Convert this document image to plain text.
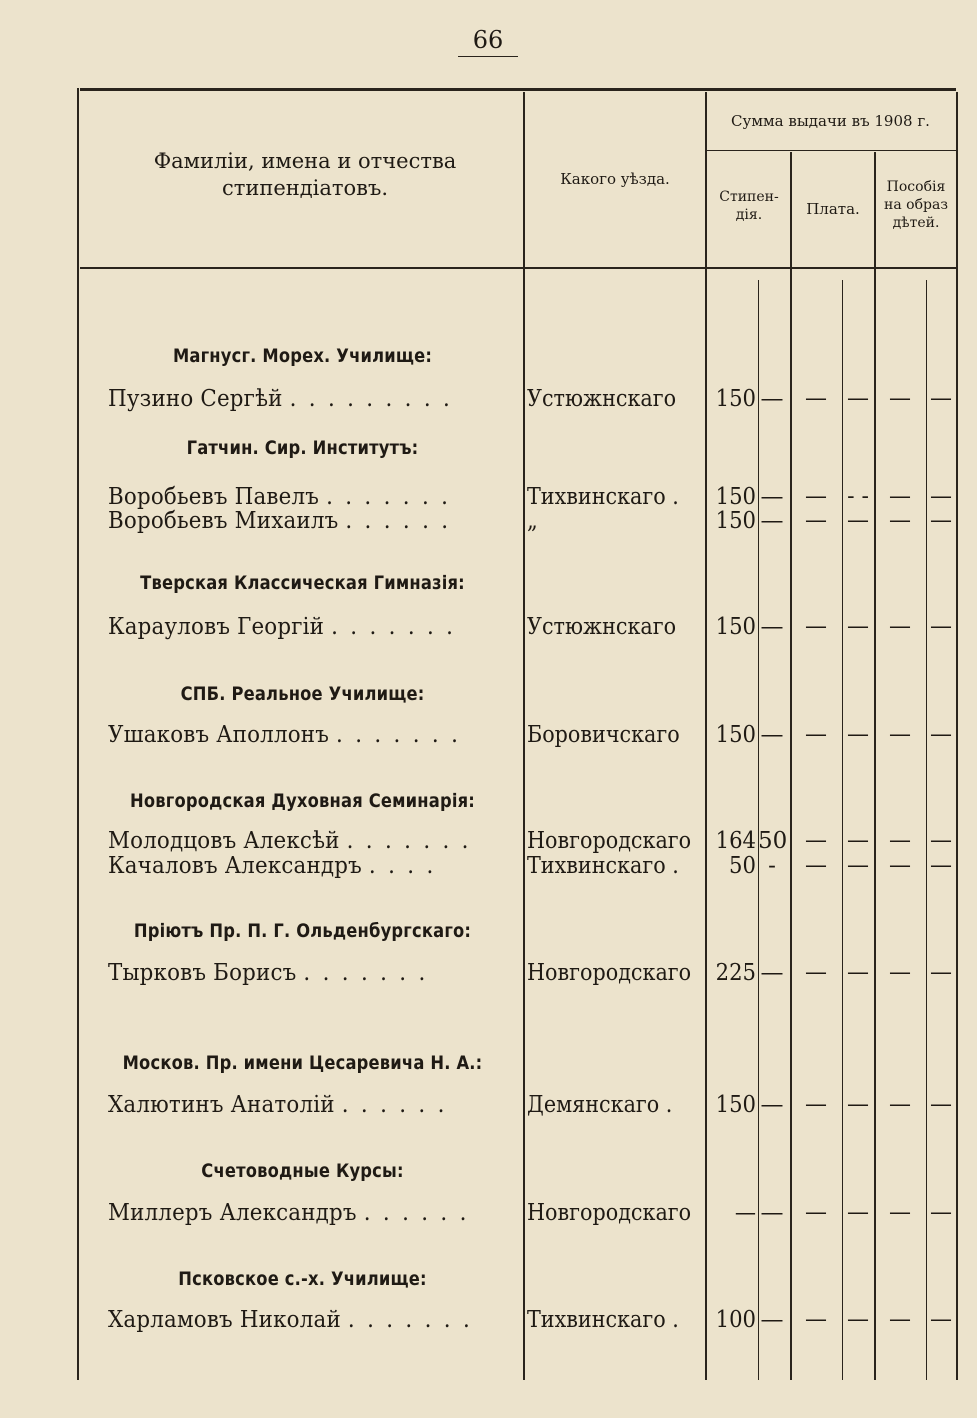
66
Фамиліи, имена и отчества стипендіатовъ.	Какого уѣзда.
Сумма выдачи въ 1908 г.
Стипен-дія.	Плата.
Пособія на образ дѣтей.
Магнусг. Морех. Училище:
Пузино Сергѣй . . . . . . . . .	Устюжнскаго	150 — — — — —
Гатчин. Сир. Институтъ:
Воробьевъ Павелъ . . . . . . .	Тихвинскаго . 150 — — - - — —
Воробьевъ Михаилъ . . . . . .	„	150 — — — — —
Тверская Классическая Гимназія:
Карауловъ Георгій . . . . . . .	Устюжнскаго	150 — — — — —
СПБ. Реальное Училище:
Ушаковъ Аполлонъ . . . . . . .	Боровичскаго 150 — — — — —
Новгородская Духовная Семинарія:
Молодцовъ Алексѣй . . . . . . .	Новгородскаго 164 50 — — — —
Качаловъ Александръ . . . .	Тихвинскаго .	50 -	— — — —
Пріютъ Пр. П. Г. Ольденбургскаго:
Тырковъ Борисъ . . . . . . .	Новгородскаго 225 — — — — —
Москов. Пр. имени Цесаревича Н. А.:
Халютинъ Анатолій . . . . . .	Демянскаго .	150 — — — — —
Счетоводные Курсы:
Миллеръ Александръ . . . . . .	Новгородскаго	— — — — — —
Псковское с.-х. Училище:
Харламовъ Николай . . . . . . .	Тихвинскаго . 100 — — — — —
